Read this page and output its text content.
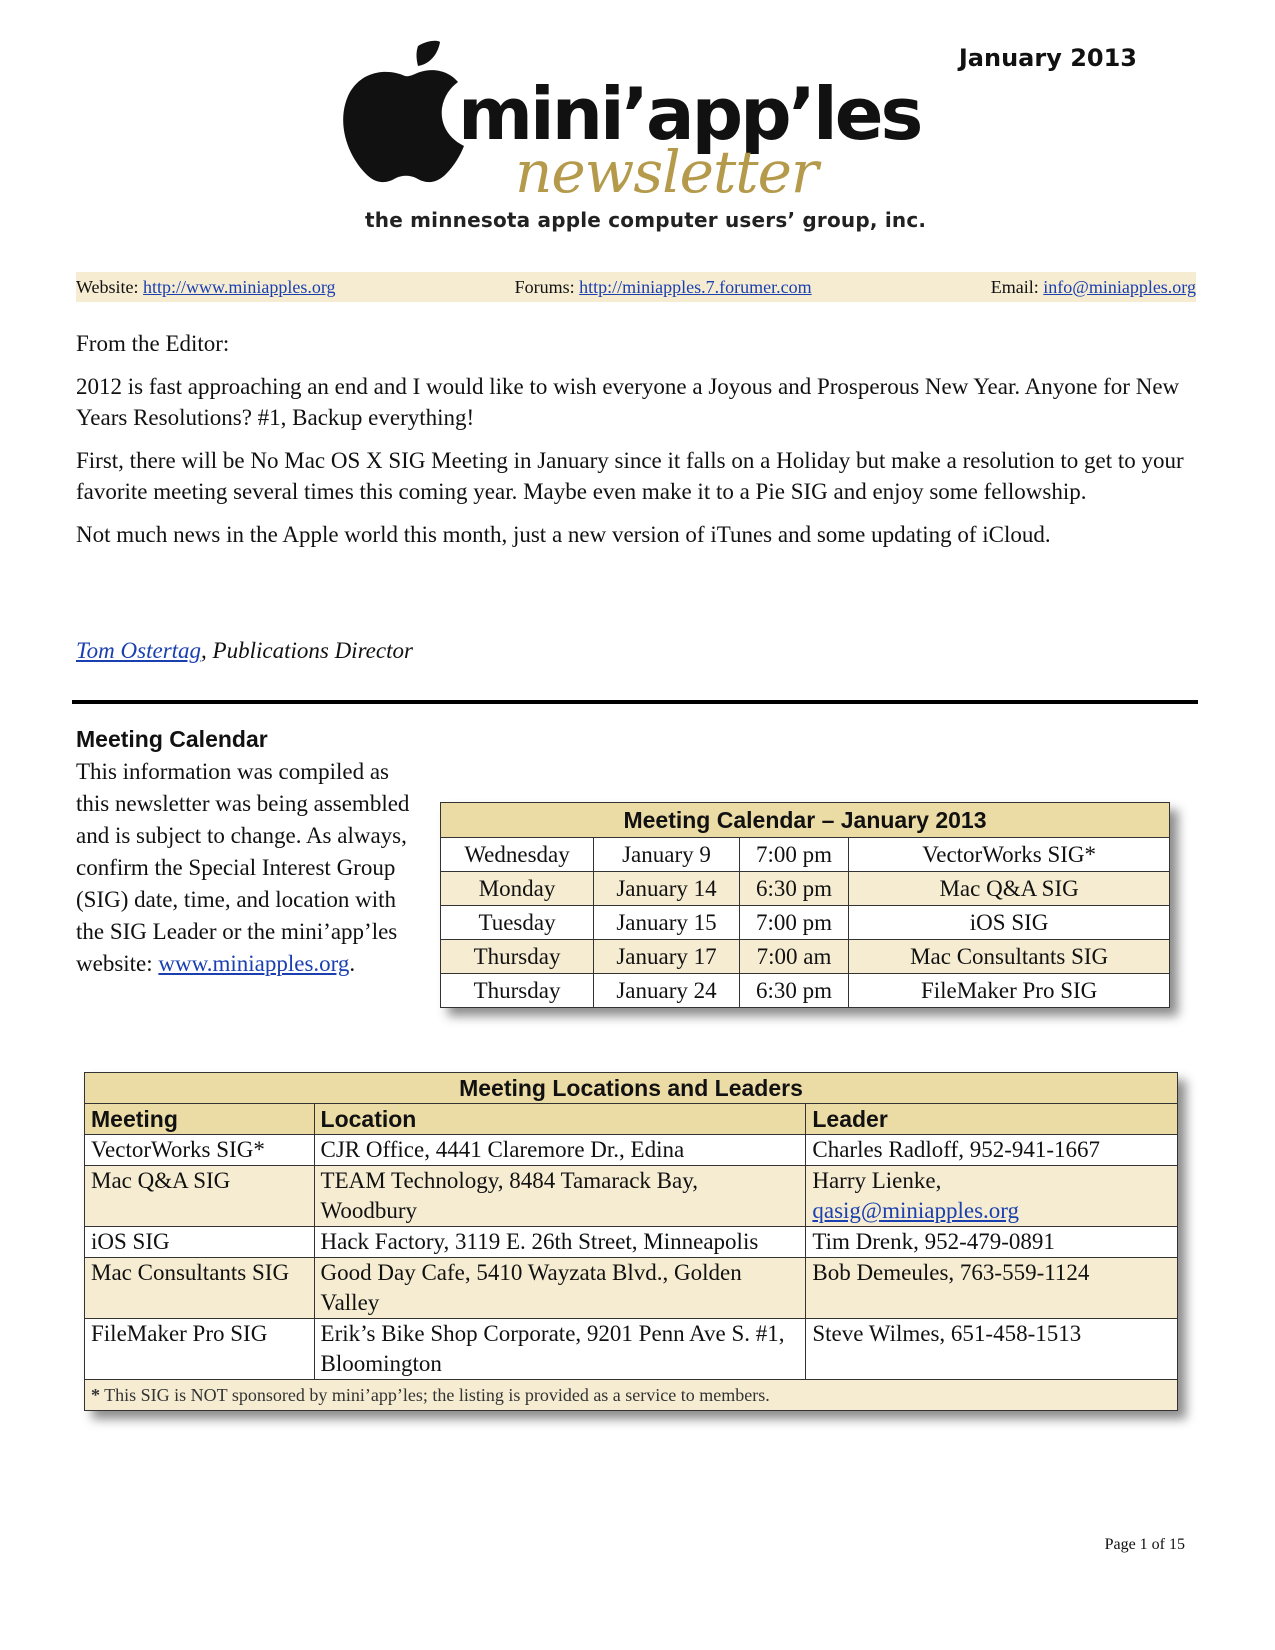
January 2013
mini’app’les
newsletter
the minnesota apple computer users’ group, inc.
Website: http://www.miniapples.org	Forums: http://miniapples.7.forumer.com	Email: info@miniapples.org

From the Editor:

2012 is fast approaching an end and I would like to wish everyone a Joyous and Prosperous New Year. Anyone for New Years Resolutions? #1, Backup everything!

First, there will be No Mac OS X SIG Meeting in January since it falls on a Holiday but make a resolution to get to your favorite meeting several times this coming year. Maybe even make it to a Pie SIG and enjoy some fellowship.

Not much news in the Apple world this month, just a new version of iTunes and some updating of iCloud.

Tom Ostertag, Publications Director
Meeting Calendar
This information was compiled as this newsletter was being assembled and is subject to change. As always, confirm the Special Interest Group (SIG) date, time, and location with the SIG Leader or the mini’app’les website: www.miniapples.org.
Meeting Calendar – January 2013			
Wednesday	January 9	7:00 pm	VectorWorks SIG*
Monday	January 14	6:30 pm	Mac Q&A SIG
Tuesday	January 15	7:00 pm	iOS SIG
Thursday	January 17	7:00 am	Mac Consultants SIG
Thursday	January 24	6:30 pm	FileMaker Pro SIG
Meeting Locations and Leaders		
Meeting	Location	Leader
VectorWorks SIG*	CJR Office, 4441 Claremore Dr., Edina	Charles Radloff, 952-941-1667
Mac Q&A SIG	TEAM Technology, 8484 Tamarack Bay, Woodbury	Harry Lienke,
qasig@miniapples.org
iOS SIG	Hack Factory, 3119 E. 26th Street, Minneapolis	Tim Drenk, 952-479-0891
Mac Consultants SIG	Good Day Cafe, 5410 Wayzata Blvd., Golden Valley	Bob Demeules, 763-559-1124
FileMaker Pro SIG	Erik’s Bike Shop Corporate, 9201 Penn Ave S. #1, Bloomington	Steve Wilmes, 651-458-1513
* This SIG is NOT sponsored by mini’app’les; the listing is provided as a service to members.		
Page 1 of 15
